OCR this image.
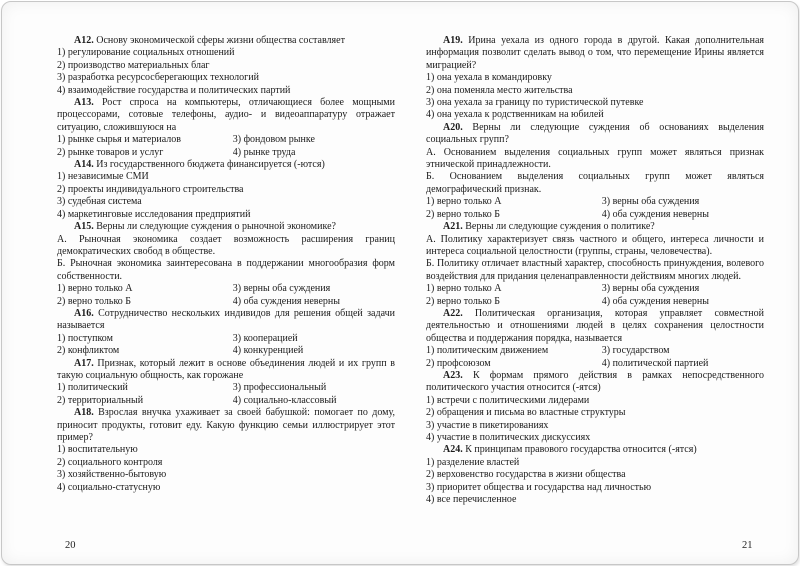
А12. Основу экономической сферы жизни общества составляет

1) регулирование социальных отношений

2) производство материальных благ

3) разработка ресурсосберегающих технологий

4) взаимодействие государства и политических партий

А13. Рост спроса на компьютеры, отличающиеся более мощными процессорами, сотовые телефоны, аудио- и видеоаппаратуру отражает ситуацию, сложившуюся на

1) рынке сырья и материалов	3) фондовом рынке
2) рынке товаров и услуг	4) рынке труда

А14. Из государственного бюджета финансируется (-ются)

1) независимые СМИ

2) проекты индивидуального строительства

3) судебная система

4) маркетинговые исследования предприятий

А15. Верны ли следующие суждения о рыночной экономике?

А. Рыночная экономика создает возможность расширения границ демократических свобод в обществе.

Б. Рыночная экономика заинтересована в поддержании многообразия форм собственности.

1) верно только А	3) верны оба суждения
2) верно только Б	4) оба суждения неверны

А16. Сотрудничество нескольких индивидов для решения общей задачи называется

1) поступком	3) кооперацией
2) конфликтом	4) конкуренцией

А17. Признак, который лежит в основе объединения людей и их групп в такую социальную общность, как горожане

1) политический	3) профессиональный
2) территориальный	4) социально-классовый

А18. Взрослая внучка ухаживает за своей бабушкой: помогает по дому, приносит продукты, готовит еду. Какую функцию семьи иллюстрирует этот пример?

1) воспитательную

2) социального контроля

3) хозяйственно-бытовую

4) социально-статусную

А19. Ирина уехала из одного города в другой. Какая дополнительная информация позволит сделать вывод о том, что перемещение Ирины является миграцией?

1) она уехала в командировку

2) она поменяла место жительства

3) она уехала за границу по туристической путевке

4) она уехала к родственникам на юбилей

А20. Верны ли следующие суждения об основаниях выделения социальных групп?

А. Основанием выделения социальных групп может являться признак этнической принадлежности.

Б. Основанием выделения социальных групп может являться демографический признак.

1) верно только А	3) верны оба суждения
2) верно только Б	4) оба суждения неверны

А21. Верны ли следующие суждения о политике?

А. Политику характеризует связь частного и общего, интереса личности и интереса социальной целостности (группы, страны, человечества).

Б. Политику отличает властный характер, способность принуждения, волевого воздействия для придания целенаправленности действиям многих людей.

1) верно только А	3) верны оба суждения
2) верно только Б	4) оба суждения неверны

А22. Политическая организация, которая управляет совместной деятельностью и отношениями людей в целях сохранения целостности общества и поддержания порядка, называется

1) политическим движением	3) государством
2) профсоюзом	4) политической партией

А23. К формам прямого действия в рамках непосредственного политического участия относится (-ятся)

1) встречи с политическими лидерами

2) обращения и письма во властные структуры

3) участие в пикетированиях

4) участие в политических дискуссиях

А24. К принципам правового государства относится (-ятся)

1) разделение властей

2) верховенство государства в жизни общества

3) приоритет общества и государства над личностью

4) все перечисленное

20	21
